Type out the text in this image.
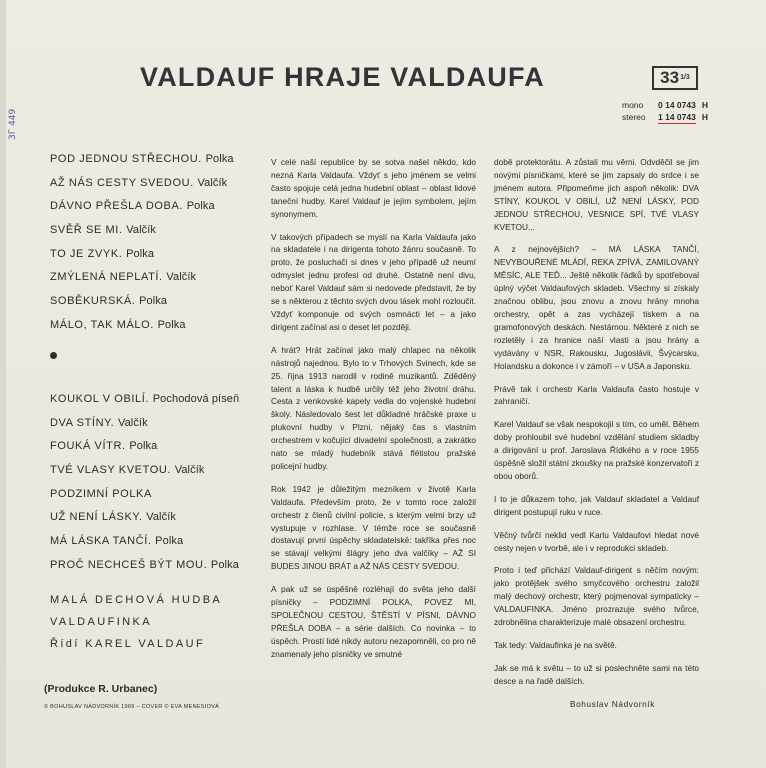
3Г 449
VALDAUF HRAJE VALDAUFA	33 1/3
mono	0 14 0743 H
stereo	1 14 0743 H
POD JEDNOU STŘECHOU. Polka
AŽ NÁS CESTY SVEDOU. Valčík
DÁVNO PŘEŠLA DOBA. Polka
SVĚŘ SE MI. Valčík
TO JE ZVYK. Polka
ZMÝLENÁ NEPLATÍ. Valčík
SOBĚKURSKÁ. Polka
MÁLO, TAK MÁLO. Polka
KOUKOL V OBILÍ. Pochodová píseň
DVA STÍNY. Valčík
FOUKÁ VÍTR. Polka
TVÉ VLASY KVETOU. Valčík
PODZIMNÍ POLKA
UŽ NENÍ LÁSKY. Valčík
MÁ LÁSKA TANČÍ. Polka
PROČ NECHCEŠ BÝT MOU. Polka
MALÁ DECHOVÁ HUDBA
VALDAUFINKA
Řídí KAREL VALDAUF
(Produkce R. Urbanec)
© BOHUSLAV NÁDVORNÍK 1969 – COVER © EVA MENESIOVÁ

V celé naší republice by se sotva našel někdo, kdo nezná Karla Valdaufa. Vždyť s jeho jménem se velmi často spojuje celá jedna hudební oblast – oblast lidové taneční hudby. Karel Valdauf je jejím symbolem, jejím synonymem.

V takových případech se myslí na Karla Valdaufa jako na skladatele i na dirigenta tohoto žánru současně. To proto, že posluchači si dnes v jeho případě už neumí odmyslet jednu profesi od druhé. Ostatně není divu, neboť Karel Valdauf sám si nedovede představit, že by se s některou z těchto svých dvou lásek mohl rozloučit. Vždyť komponuje od svých osmnácti let – a jako dirigent začínal asi o deset let později.

A hrát? Hrát začínal jako malý chlapec na několik nástrojů najednou. Bylo to v Trhových Svinech, kde se 25. října 1913 narodil v rodině muzikantů. Zděděný talent a láska k hudbě určily též jeho životní dráhu. Cesta z venkovské kapely vedla do vojenské hudební školy. Následovalo šest let důkladné hráčské praxe u plukovní hudby v Plzni, nějaký čas s vlastním orchestrem v kočující divadelní společnosti, a zakrátko nato se mladý hudebník stává flétistou pražské policejní hudby.

Rok 1942 je důležitým mezníkem v životě Karla Valdaufa. Především proto, že v tomto roce založil orchestr z členů civilní policie, s kterým velmi brzy už vystupuje v rozhlase. V témže roce se současně dostavují první úspěchy skladatelské: takříka přes noc se stávají velkými šlágry jeho dva valčíky – AŽ SI BUDES JINOU BRÁT a AŽ NÁS CESTY SVEDOU.

A pak už se úspěšně rozléhají do světa jeho další písničky – PODZIMNÍ POLKA, POVEZ MI, SPOLEČNOU CESTOU, ŠTĚSTÍ V PÍSNI, DÁVNO PŘEŠLA DOBA – a série dalších. Co novinka – to úspěch. Prostí lidé nikdy autoru nezapomněli, co pro ně znamenaly jeho písničky ve smutné

době protektorátu. A zůstali mu věrni. Odvděčil se jim novými písničkami, které se jim zapsaly do srdce i se jménem autora. Připomeňme jich aspoň několik: DVA STÍNY, KOUKOL V OBILÍ, UŽ NENÍ LÁSKY, POD JEDNOU STŘECHOU, VESNICE SPÍ, TVÉ VLASY KVETOU...

A z nejnovějších? – MÁ LÁSKA TANČÍ, NEVYBOUŘENÉ MLÁDÍ, REKA ZPÍVÁ, ZAMILOVANÝ MĚSÍC, ALE TEĎ... Ještě několik řádků by spotřeboval úplný výčet Valdaufových skladeb. Všechny si získaly značnou oblibu, jsou znovu a znovu hrány mnoha orchestry, opět a zas vycházejí tiskem a na gramofonových deskách. Nestárnou. Některé z nich se rozletěly i za hranice naší vlasti a jsou hrány a vydávány v NSR, Rakousku, Jugoslávii, Švýcarsku, Holandsku a dokonce i v zámoří – v USA a Japonsku.

Právě tak i orchestr Karla Valdaufa často hostuje v zahraničí.

Karel Valdauf se však nespokojil s tím, co uměl. Během doby prohloubil své hudební vzdělání studiem skladby a dirigování u prof. Jaroslava Řídkého a v roce 1955 úspěšně složil státní zkoušky na pražské konzervatoři z obou oborů.

I to je důkazem toho, jak Valdauf skladatel a Valdauf dirigent postupují ruku v ruce.

Věčný tvůrčí neklid vedl Karlu Valdaufovi hledat nové cesty nejen v tvorbě, ale i v reprodukci skladeb.

Proto i teď přichází Valdauf-dirigent s něčím novým: jako protějšek svého smyčcového orchestru založil malý dechový orchestr, který pojmenoval sympaticky – VALDAUFINKA. Jméno prozrazuje svého tvůrce, zdrobnělina charakterizuje malé obsazení orchestru.

Tak tedy: Valdaufinka je na světě.

Jak se má k světu – to už si poslechněte sami na této desce a na řadě dalších.

Bohuslav Nádvorník
